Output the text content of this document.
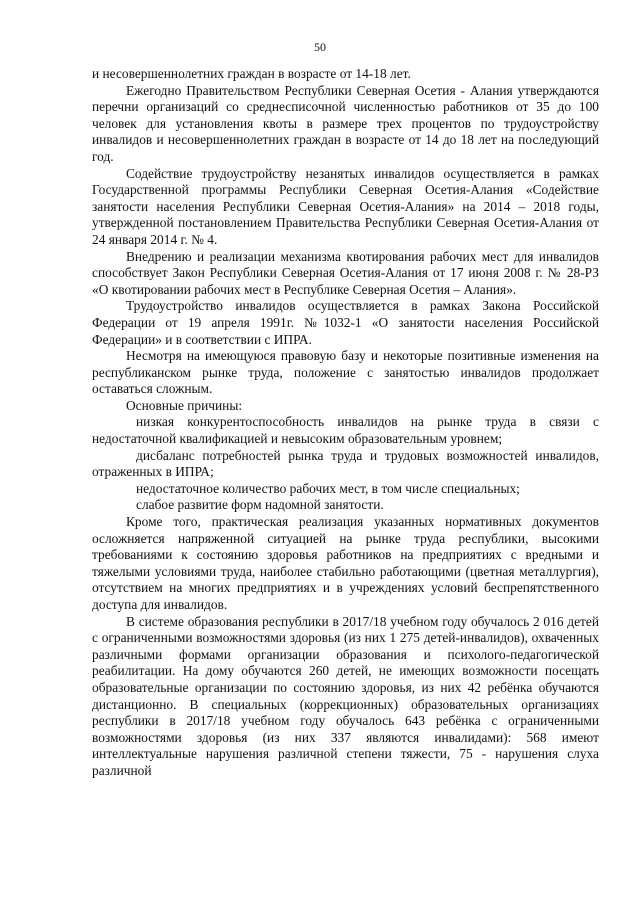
50

и несовершеннолетних граждан в возрасте от 14-18 лет.

Ежегодно Правительством Республики Северная Осетия - Алания утверждаются перечни организаций со среднесписочной численностью работников от 35 до 100 человек для установления квоты в размере трех процентов по трудоустройству инвалидов и несовершеннолетних граждан в возрасте от 14 до 18 лет на последующий год.

Содействие трудоустройству незанятых инвалидов осуществляется в рамках Государственной программы Республики Северная Осетия-Алания «Содействие занятости населения Республики Северная Осетия-Алания» на 2014 – 2018 годы, утвержденной постановлением Правительства Республики Северная Осетия-Алания от 24 января 2014 г. № 4.

Внедрению и реализации механизма квотирования рабочих мест для инвалидов способствует Закон Республики Северная Осетия-Алания от 17 июня 2008 г. № 28-РЗ «О квотировании рабочих мест в Республике Северная Осетия – Алания».

Трудоустройство инвалидов осуществляется в рамках Закона Российской Федерации от 19 апреля 1991г. №1032-1 «О занятости населения Российской Федерации» и в соответствии с ИПРА.

Несмотря на имеющуюся правовую базу и некоторые позитивные изменения на республиканском рынке труда, положение с занятостью инвалидов продолжает оставаться сложным.

Основные причины:

низкая конкурентоспособность инвалидов на рынке труда в связи с недостаточной квалификацией и невысоким образовательным уровнем;

дисбаланс потребностей рынка труда и трудовых возможностей инвалидов, отраженных в ИПРА;

недостаточное количество рабочих мест, в том числе специальных;

слабое развитие форм надомной занятости.

Кроме того, практическая реализация указанных нормативных документов осложняется напряженной ситуацией на рынке труда республики, высокими требованиями к состоянию здоровья работников на предприятиях с вредными и тяжелыми условиями труда, наиболее стабильно работающими (цветная металлургия), отсутствием на многих предприятиях и в учреждениях условий беспрепятственного доступа для инвалидов.

В системе образования республики в 2017/18 учебном году обучалось 2 016 детей с ограниченными возможностями здоровья (из них 1 275 детей-инвалидов), охваченных различными формами организации образования и психолого-педагогической реабилитации. На дому обучаются 260 детей, не имеющих возможности посещать образовательные организации по состоянию здоровья, из них 42 ребёнка обучаются дистанционно. В специальных (коррекционных) образовательных организациях республики в 2017/18 учебном году обучалось 643 ребёнка с ограниченными возможностями здоровья (из них 337 являются инвалидами): 568 имеют интеллектуальные нарушения различной степени тяжести, 75 - нарушения слуха различной
